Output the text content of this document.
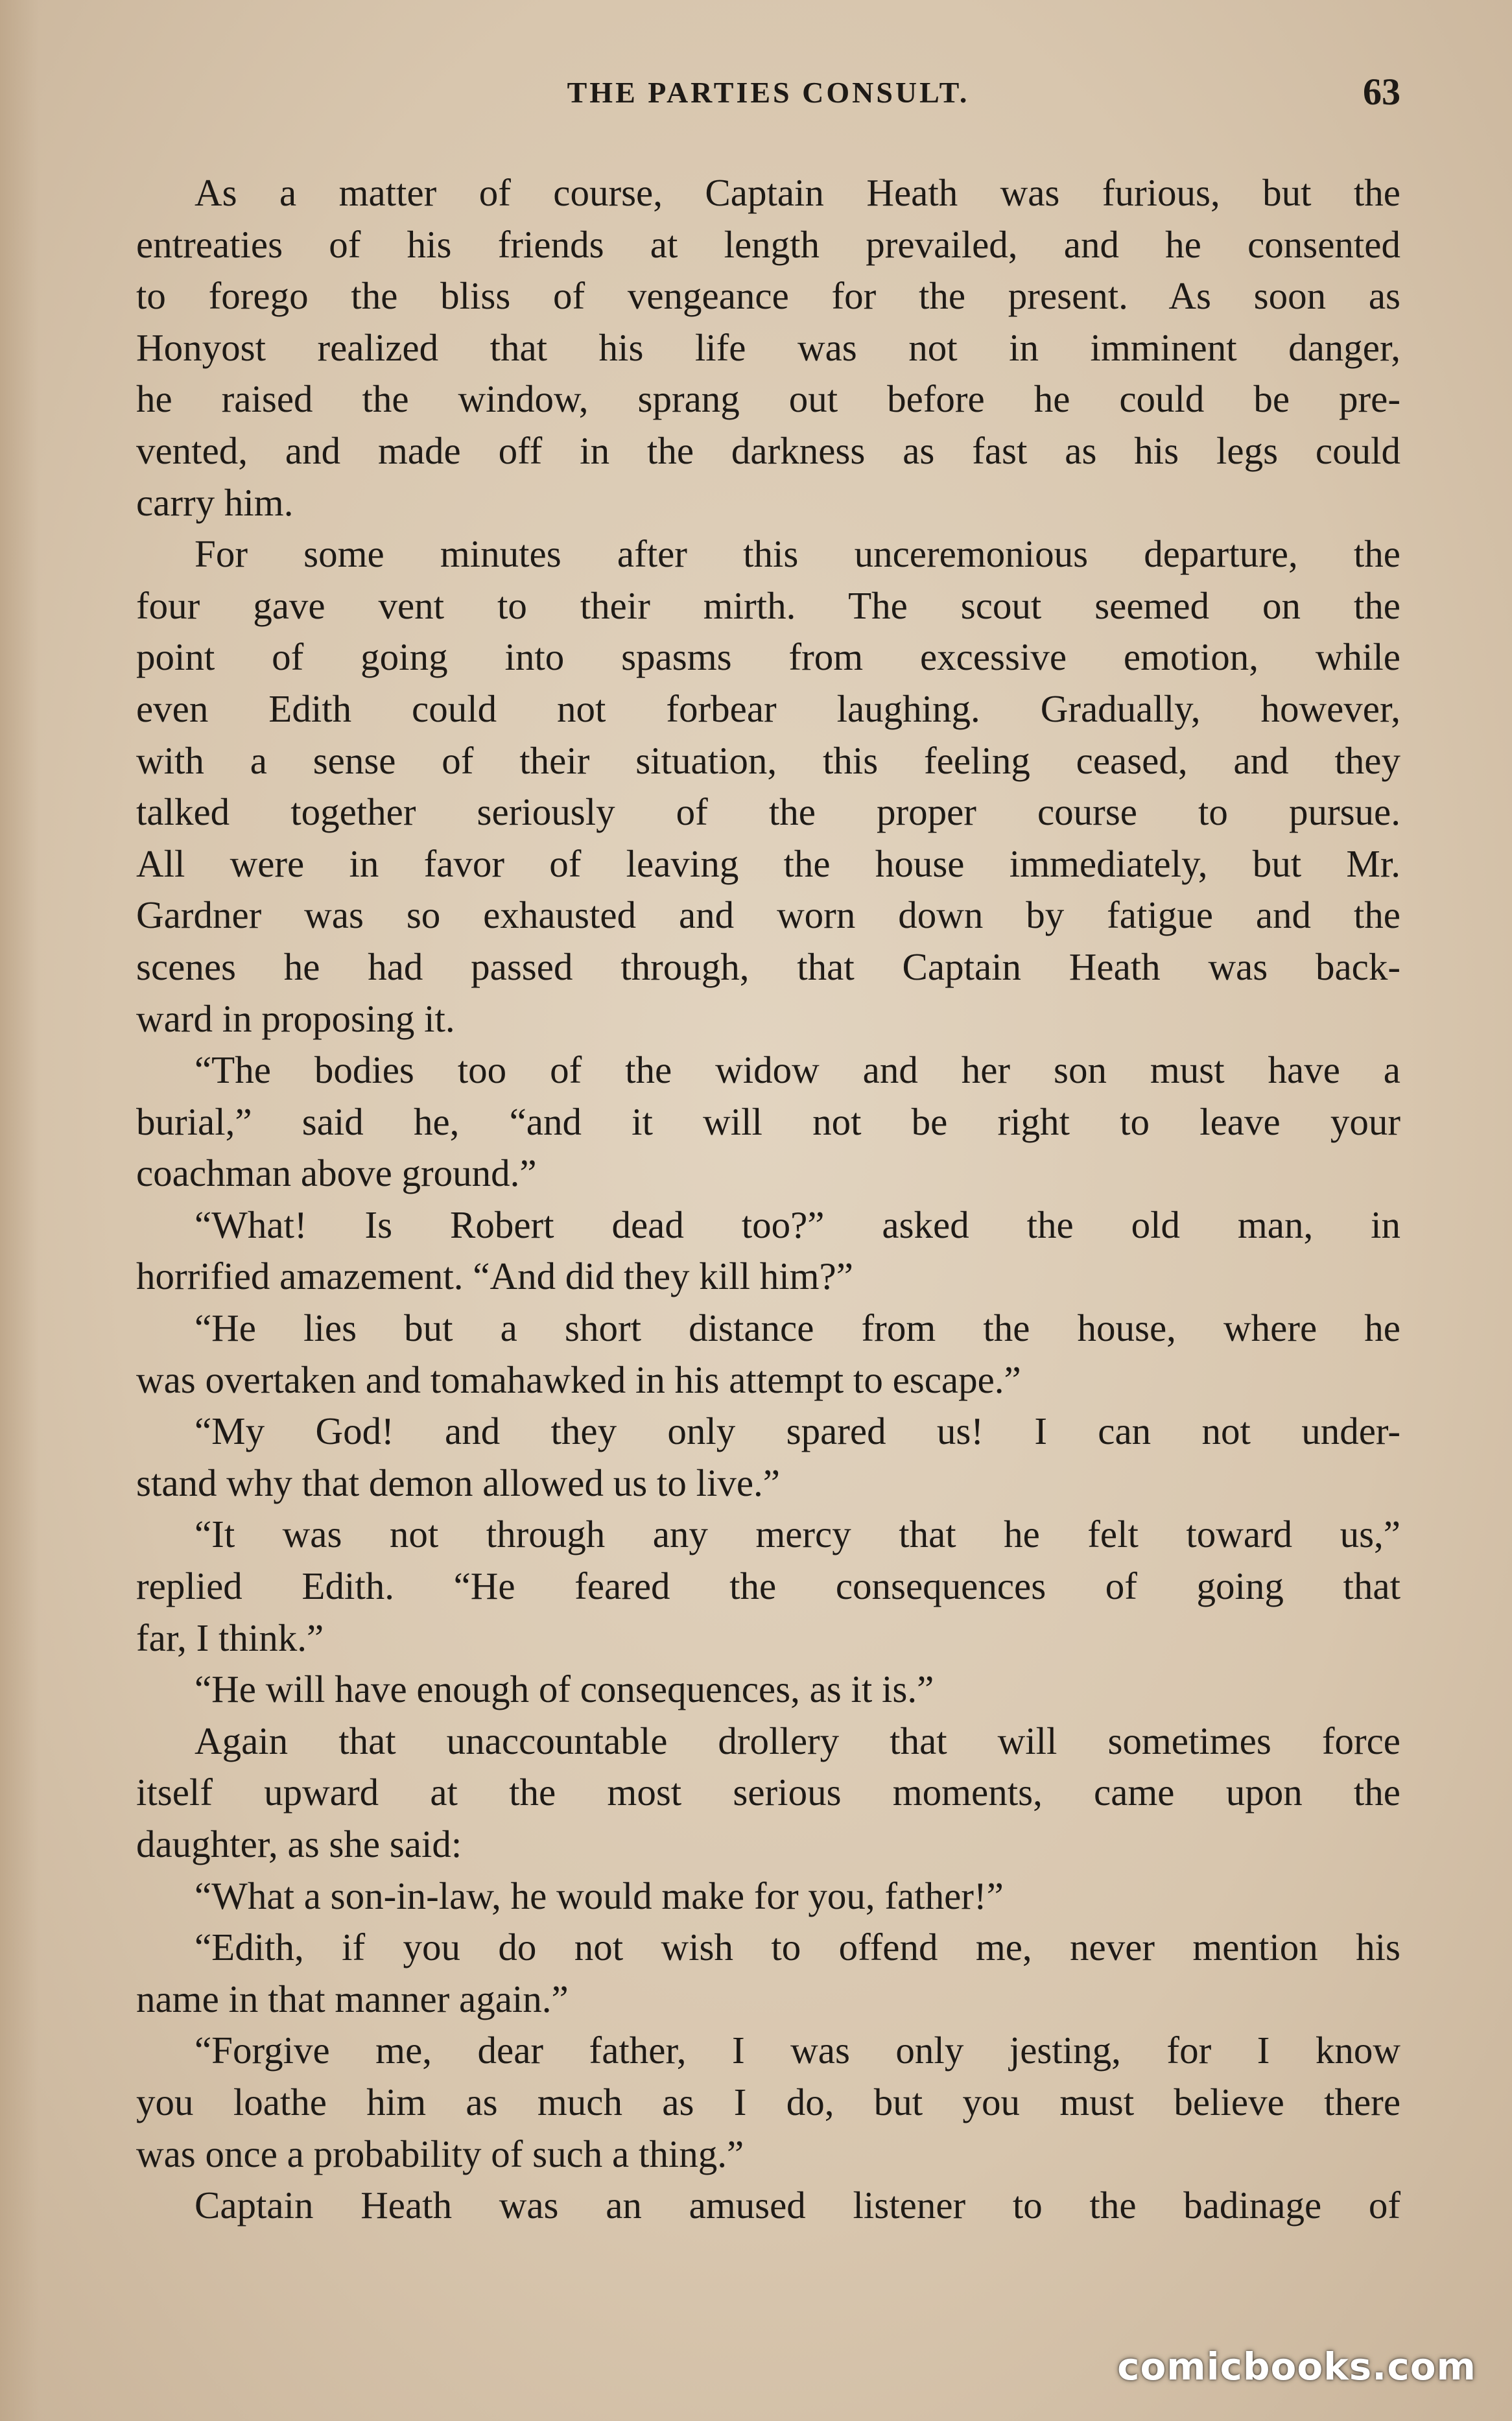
THE PARTIES CONSULT.	63
As a matter of course, Captain Heath was furious, but the
entreaties of his friends at length prevailed, and he consented
to forego the bliss of vengeance for the present. As soon as
Honyost realized that his life was not in imminent danger,
he raised the window, sprang out before he could be pre-
vented, and made off in the darkness as fast as his legs could
carry him.
For some minutes after this unceremonious departure, the
four gave vent to their mirth. The scout seemed on the
point of going into spasms from excessive emotion, while
even Edith could not forbear laughing. Gradually, however,
with a sense of their situation, this feeling ceased, and they
talked together seriously of the proper course to pursue.
All were in favor of leaving the house immediately, but Mr.
Gardner was so exhausted and worn down by fatigue and the
scenes he had passed through, that Captain Heath was back-
ward in proposing it.
“The bodies too of the widow and her son must have a
burial,” said he, “and it will not be right to leave your
coachman above ground.”
“What! Is Robert dead too?” asked the old man, in
horrified amazement. “And did they kill him?”
“He lies but a short distance from the house, where he
was overtaken and tomahawked in his attempt to escape.”
“My God! and they only spared us! I can not under-
stand why that demon allowed us to live.”
“It was not through any mercy that he felt toward us,”
replied Edith. “He feared the consequences of going that
far, I think.”
“He will have enough of consequences, as it is.”
Again that unaccountable drollery that will sometimes force
itself upward at the most serious moments, came upon the
daughter, as she said:
“What a son-in-law, he would make for you, father!”
“Edith, if you do not wish to offend me, never mention his
name in that manner again.”
“Forgive me, dear father, I was only jesting, for I know
you loathe him as much as I do, but you must believe there
was once a probability of such a thing.”
Captain Heath was an amused listener to the badinage of
comicbooks.com
